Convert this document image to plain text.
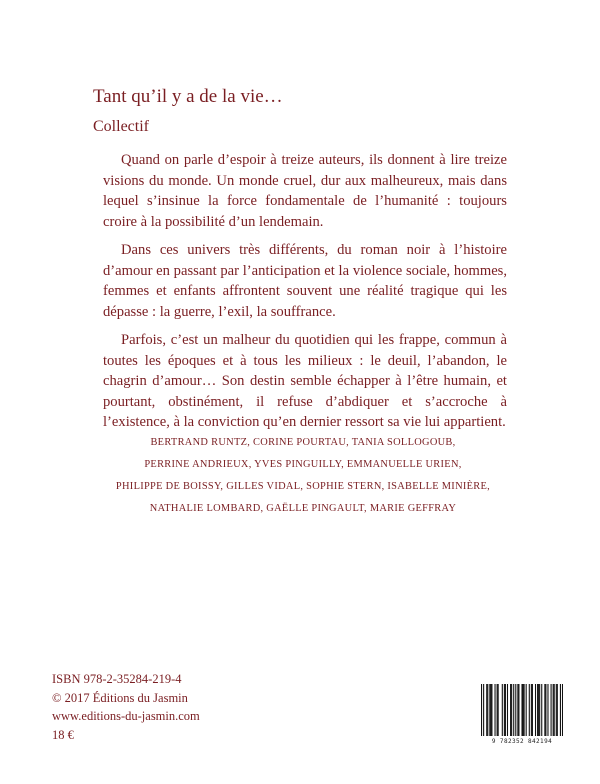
Tant qu’il y a de la vie…
Collectif

Quand on parle d’espoir à treize auteurs, ils donnent à lire treize visions du monde. Un monde cruel, dur aux malheureux, mais dans lequel s’insinue la force fondamentale de l’humanité : toujours croire à la possibilité d’un lendemain.

Dans ces univers très différents, du roman noir à l’histoire d’amour en passant par l’anticipation et la violence sociale, hommes, femmes et enfants affrontent souvent une réalité tragique qui les dépasse : la guerre, l’exil, la souffrance.

Parfois, c’est un malheur du quotidien qui les frappe, commun à toutes les époques et à tous les milieux : le deuil, l’abandon, le chagrin d’amour… Son destin semble échapper à l’être humain, et pourtant, obstinément, il refuse d’abdiquer et s’accroche à l’existence, à la conviction qu’en dernier ressort sa vie lui appartient.

BERTRAND RUNTZ, CORINE POURTAU, TANIA SOLLOGOUB,
PERRINE ANDRIEUX, YVES PINGUILLY, EMMANUELLE URIEN,
PHILIPPE DE BOISSY, GILLES VIDAL, SOPHIE STERN, ISABELLE MINIÈRE,
NATHALIE LOMBARD, GAËLLE PINGAULT, MARIE GEFFRAY
ISBN 978-2-35284-219-4
© 2017 Éditions du Jasmin
www.editions-du-jasmin.com
18 €	9 782352 842194
